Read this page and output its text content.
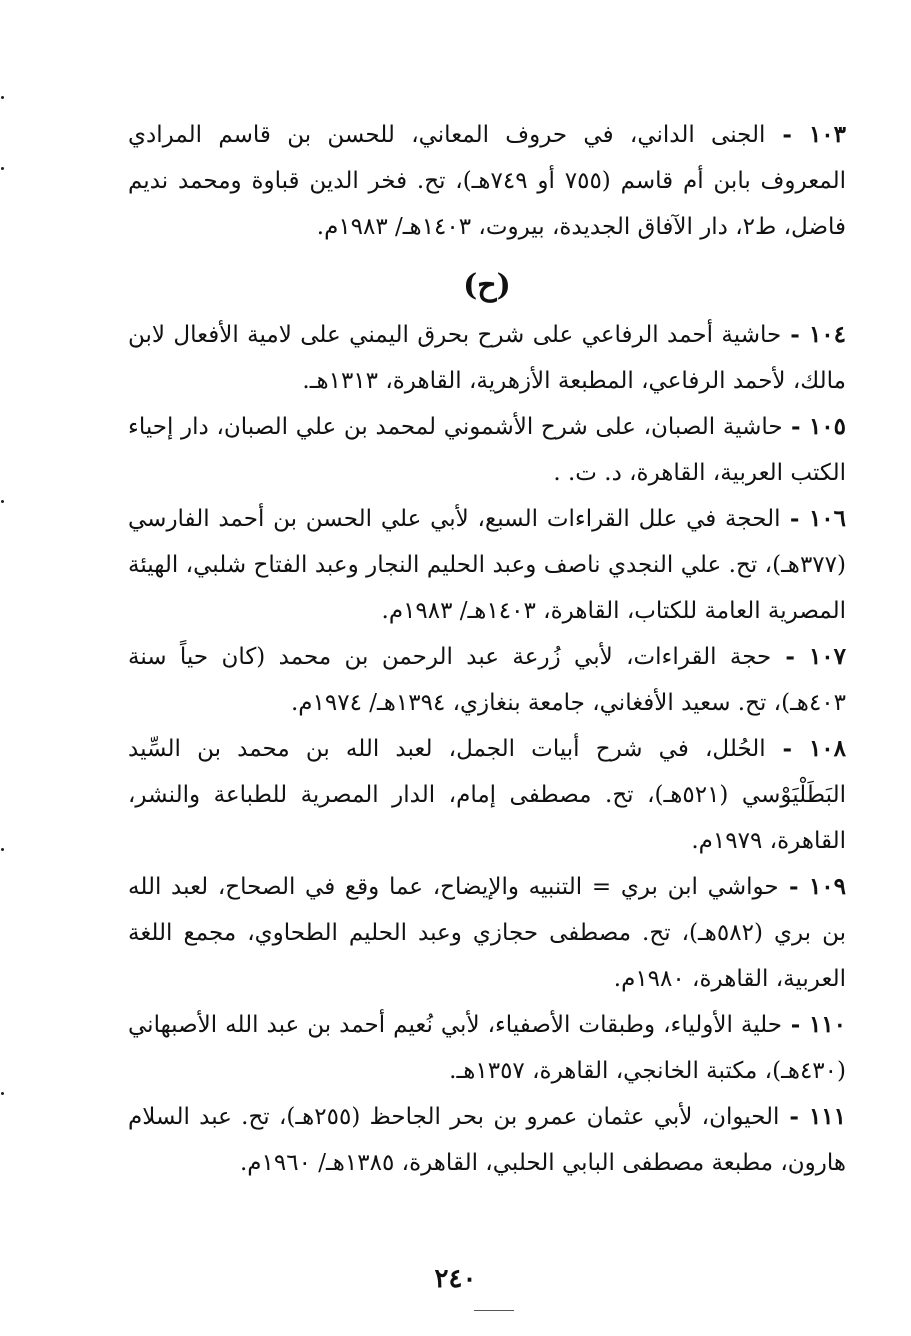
١٠٣ - الجنى الداني، في حروف المعاني، للحسن بن قاسم المرادي المعروف بابن أم قاسم (٧٥٥ أو ٧٤٩هـ)، تح. فخر الدين قباوة ومحمد نديم فاضل، ط٢، دار الآفاق الجديدة، بيروت، ١٤٠٣هـ/ ١٩٨٣م.

(ح)

١٠٤ - حاشية أحمد الرفاعي على شرح بحرق اليمني على لامية الأفعال لابن مالك، لأحمد الرفاعي، المطبعة الأزهرية، القاهرة، ١٣١٣هـ.

١٠٥ - حاشية الصبان، على شرح الأشموني لمحمد بن علي الصبان، دار إحياء الكتب العربية، القاهرة، د. ت. .

١٠٦ - الحجة في علل القراءات السبع، لأبي علي الحسن بن أحمد الفارسي (٣٧٧هـ)، تح. علي النجدي ناصف وعبد الحليم النجار وعبد الفتاح شلبي، الهيئة المصرية العامة للكتاب، القاهرة، ١٤٠٣هـ/ ١٩٨٣م.

١٠٧ - حجة القراءات، لأبي زُرعة عبد الرحمن بن محمد (كان حياً سنة ٤٠٣هـ)، تح. سعيد الأفغاني، جامعة بنغازي، ١٣٩٤هـ/ ١٩٧٤م.

١٠٨ - الحُلل، في شرح أبيات الجمل، لعبد الله بن محمد بن السِّيد البَطَلْيَوْسي (٥٢١هـ)، تح. مصطفى إمام، الدار المصرية للطباعة والنشر، القاهرة، ١٩٧٩م.

١٠٩ - حواشي ابن بري = التنبيه والإيضاح، عما وقع في الصحاح، لعبد الله بن بري (٥٨٢هـ)، تح. مصطفى حجازي وعبد الحليم الطحاوي، مجمع اللغة العربية، القاهرة، ١٩٨٠م.

١١٠ - حلية الأولياء، وطبقات الأصفياء، لأبي نُعيم أحمد بن عبد الله الأصبهاني (٤٣٠هـ)، مكتبة الخانجي، القاهرة، ١٣٥٧هـ.

١١١ - الحيوان، لأبي عثمان عمرو بن بحر الجاحظ (٢٥٥هـ)، تح. عبد السلام هارون، مطبعة مصطفى البابي الحلبي، القاهرة، ١٣٨٥هـ/ ١٩٦٠م.

٢٤٠
